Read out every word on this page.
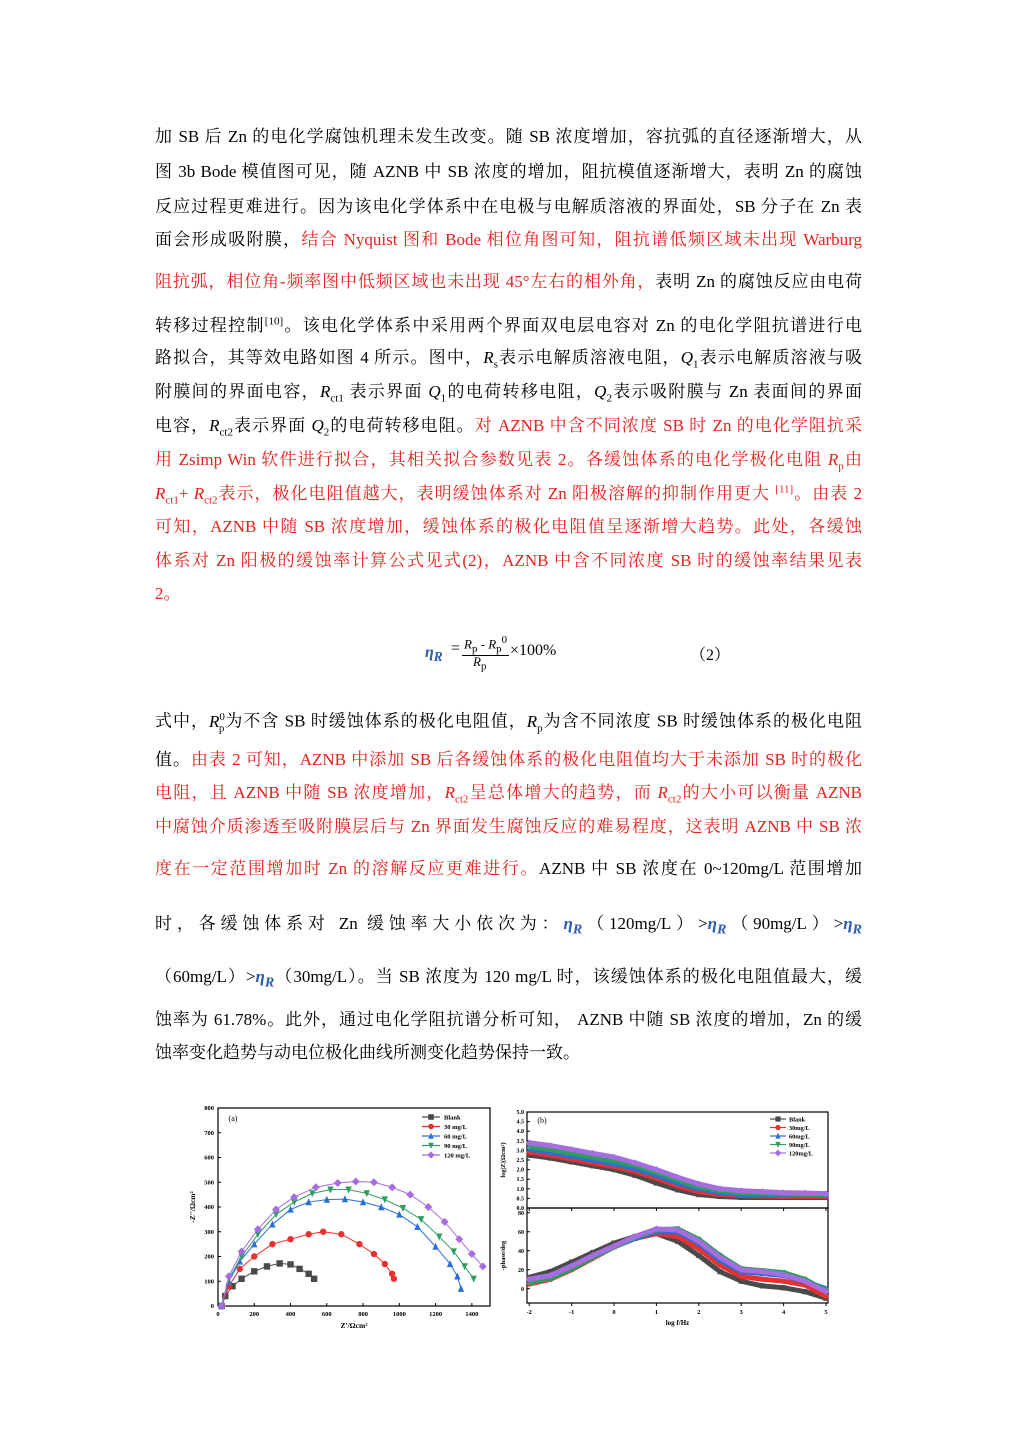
加 SB 后 Zn 的电化学腐蚀机理未发生改变。随 SB 浓度增加，容抗弧的直径逐渐增大，从
图 3b Bode 模值图可见，随 AZNB 中 SB 浓度的增加，阻抗模值逐渐增大，表明 Zn 的腐蚀
反应过程更难进行。因为该电化学体系中在电极与电解质溶液的界面处，SB 分子在 Zn 表
面会形成吸附膜，结合 Nyquist 图和 Bode 相位角图可知，阻抗谱低频区域未出现 Warburg
阻抗弧，相位角-频率图中低频区域也未出现 45°左右的相外角，表明 Zn 的腐蚀反应由电荷
转移过程控制[10]。该电化学体系中采用两个界面双电层电容对 Zn 的电化学阻抗谱进行电
路拟合，其等效电路如图 4 所示。图中，$R_s$表示电解质溶液电阻，$Q_1$表示电解质溶液与吸
附膜间的界面电容，$R_{ct1}$ 表示界面 $Q_1$的电荷转移电阻，$Q_2$表示吸附膜与 Zn 表面间的界面
电容，$R_{ct2}$表示界面 $Q_2$的电荷转移电阻。对 AZNB 中含不同浓度 SB 时 Zn 的电化学阻抗采
用 Zsimp Win 软件进行拟合，其相关拟合参数见表 2。各缓蚀体系的电化学极化电阻 $R_p$由
$R_{ct1}+ R_{ct2}$表示，极化电阻值越大，表明缓蚀体系对 Zn 阳极溶解的抑制作用更大 [11]。由表 2
可知，AZNB 中随 SB 浓度增加，缓蚀体系的极化电阻值呈逐渐增大趋势。此处，各缓蚀
体系对 Zn 阳极的缓蚀率计算公式见式(2)，AZNB 中含不同浓度 SB 时的缓蚀率结果见表
2。
式中，$R^0_p$为不含 SB 时缓蚀体系的极化电阻值，$R_p$为含不同浓度 SB 时缓蚀体系的极化电阻
值。由表 2 可知，AZNB 中添加 SB 后各缓蚀体系的极化电阻值均大于未添加 SB 时的极化
电阻，且 AZNB 中随 SB 浓度增加，$R_{ct2}$呈总体增大的趋势，而 $R_{ct2}$的大小可以衡量 AZNB
中腐蚀介质渗透至吸附膜层后与 Zn 界面发生腐蚀反应的难易程度，这表明 AZNB 中 SB 浓
度在一定范围增加时 Zn 的溶解反应更难进行。AZNB 中 SB 浓度在 0~120mg/L 范围增加
时，各缓蚀体系对 Zn 缓蚀率大小依次为：$\eta_R(120mg/L)>\eta_R(90mg/L)>\eta_R$
$(60mg/L)>\eta_R(30mg/L)$。当 SB 浓度为 120 mg/L 时，该缓蚀体系的极化电阻值最大，缓
蚀率为 61.78%。此外，通过电化学阻抗谱分析可知， AZNB 中随 SB 浓度的增加，Zn 的缓
蚀率变化趋势与动电位极化曲线所测变化趋势保持一致。
$\eta_R = R_p - R_p^0$
$R_p$
×100%	（2）
0	200	400	600	800	1000	1200	1400
0
100
200
300
400
500
600
700
800
Z'/Ωcm²
-Z''/Ωcm²
(a)	Blank
30 mg/L
60 mg/L
90 mg/L
120 mg/L
-2	-1	0	1	2	3	4	5
0.0
0.5
1.0
1.5
2.0
2.5
3.0
3.5
4.0
4.5
5.0
0
20
40
60
80
log f/Hz
log|Z|(Ωcm²)
-phase/deg
(b)	Blank
30mg/L
60mg/L
90mg/L
120mg/L
